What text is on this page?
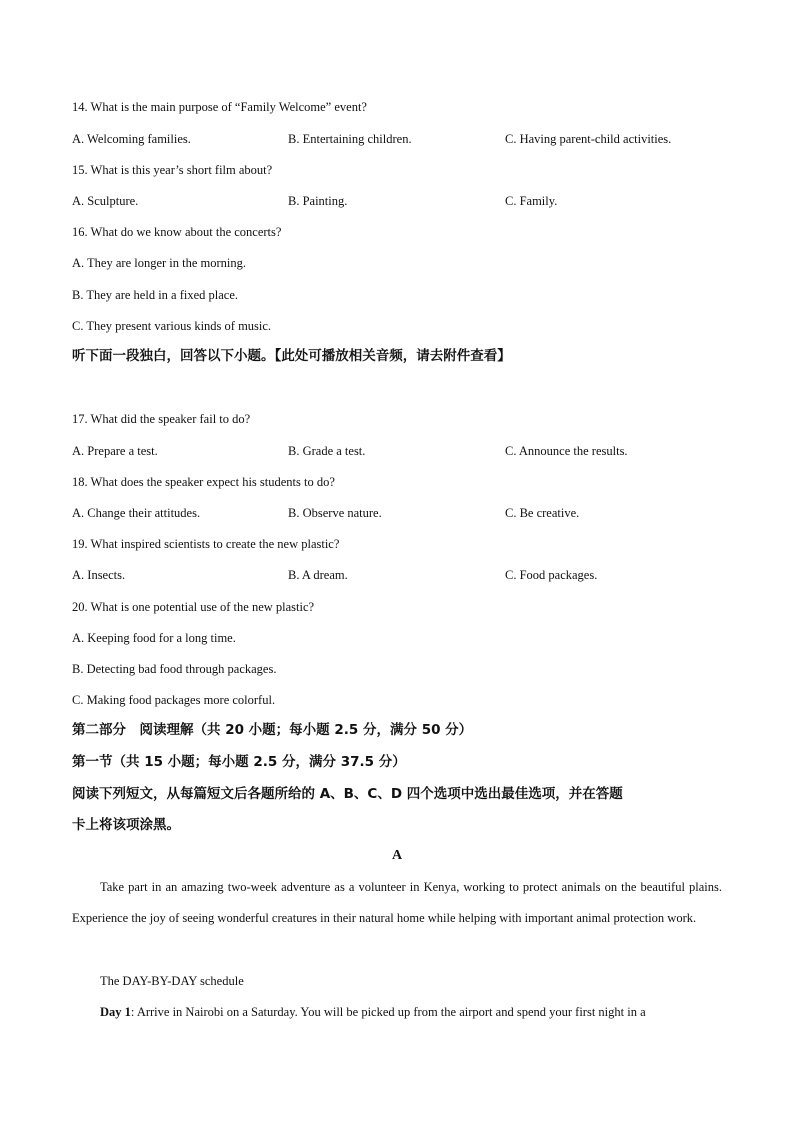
14. What is the main purpose of “Family Welcome” event?
A. Welcoming families.	B. Entertaining children.	C. Having parent-child activities.
15. What is this year’s short film about?
A. Sculpture.	B. Painting.	C. Family.
16. What do we know about the concerts?
A. They are longer in the morning.
B. They are held in a fixed place.
C. They present various kinds of music.
听下面一段独白，回答以下小题。【此处可播放相关音频，请去附件查看】
17. What did the speaker fail to do?
A. Prepare a test.	B. Grade a test.	C. Announce the results.
18. What does the speaker expect his students to do?
A. Change their attitudes.	B. Observe nature.	C. Be creative.
19. What inspired scientists to create the new plastic?
A. Insects.	B. A dream.	C. Food packages.
20. What is one potential use of the new plastic?
A. Keeping food for a long time.
B. Detecting bad food through packages.
C. Making food packages more colorful.
第二部分　阅读理解（共 20 小题；每小题 2.5 分，满分 50 分）
第一节（共 15 小题；每小题 2.5 分，满分 37.5 分）
阅读下列短文，从每篇短文后各题所给的 A、B、C、D 四个选项中选出最佳选项，并在答题
卡上将该项涂黑。
A
Take part in an amazing two-week adventure as a volunteer in Kenya, working to protect animals on the beautiful plains. Experience the joy of seeing wonderful creatures in their natural home while helping with important animal protection work.
The DAY-BY-DAY schedule
Day 1: Arrive in Nairobi on a Saturday. You will be picked up from the airport and spend your first night in a
